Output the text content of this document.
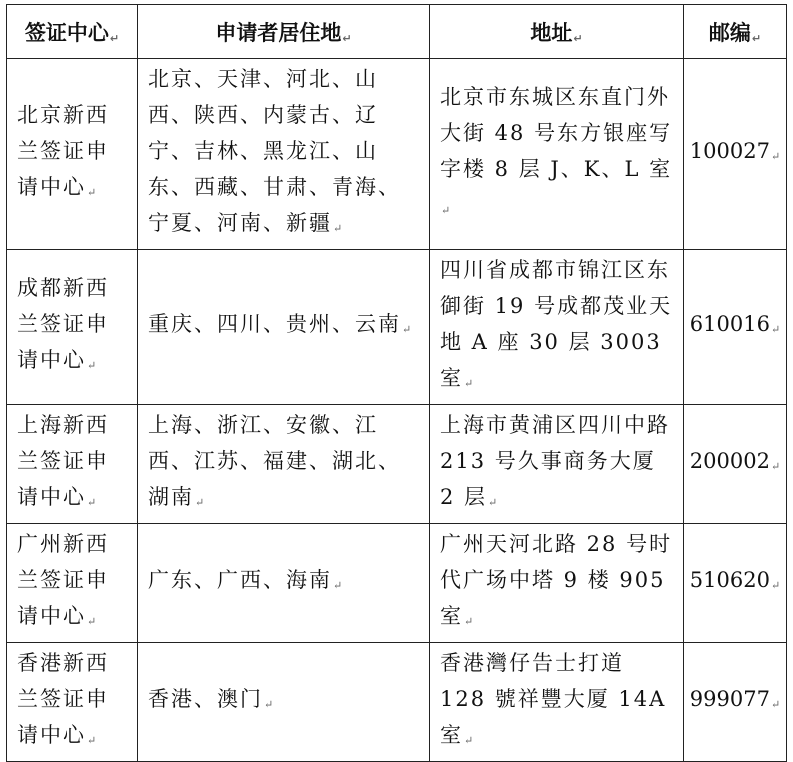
签证中心↵	申请者居住地↵	地址↵	邮编↵
北京新西兰签证申请中心↵	北京、天津、河北、山西、陕西、内蒙古、辽宁、吉林、黑龙江、山东、西藏、甘肃、青海、宁夏、河南、新疆↵	北京市东城区东直门外大街 48 号东方银座写字楼 8 层 J、K、L 室↵	100027↵
成都新西兰签证申请中心↵	重庆、四川、贵州、云南↵	四川省成都市锦江区东御街 19 号成都茂业天地 A 座 30 层 3003 室↵	610016↵
上海新西兰签证申请中心↵	上海、浙江、安徽、江西、江苏、福建、湖北、湖南↵	上海市黄浦区四川中路 213 号久事商务大厦 2 层↵	200002↵
广州新西兰签证申请中心↵	广东、广西、海南↵	广州天河北路 28 号时代广场中塔 9 楼 905 室↵	510620↵
香港新西兰签证申请中心↵	香港、澳门↵	香港灣仔告士打道 128 號祥豐大厦 14A 室↵	999077↵
